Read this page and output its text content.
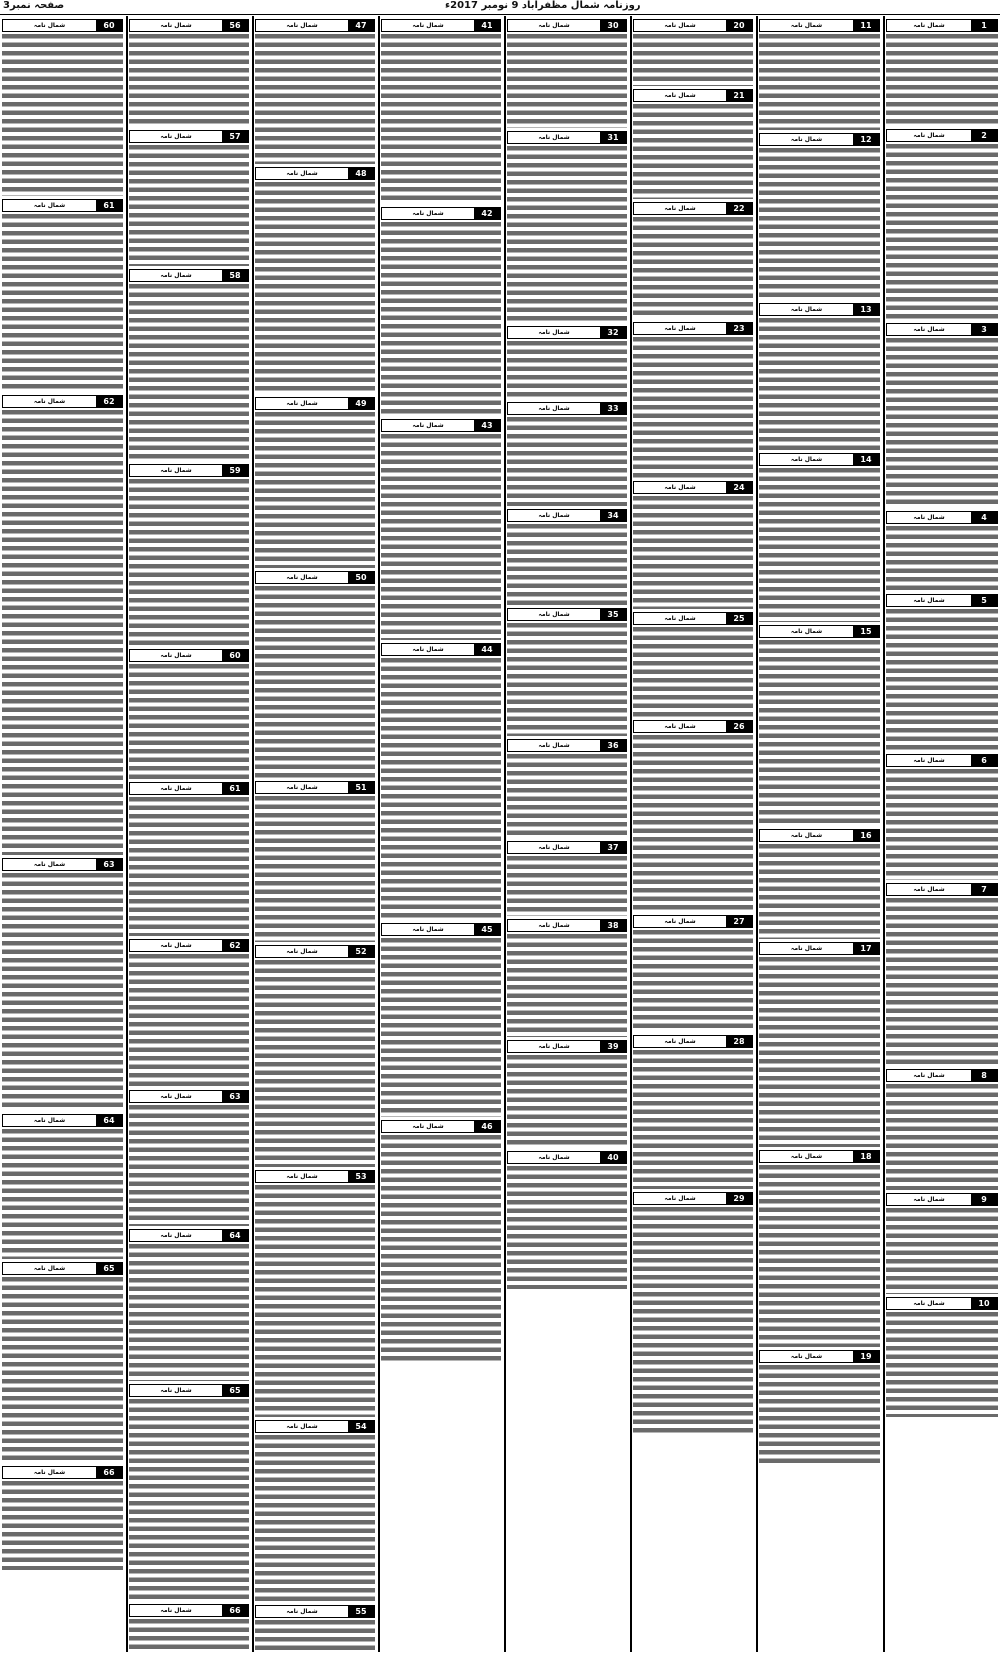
صفحہ نمبر3	روزنامہ شمال مظفرآباد 9 نومبر 2017ء
1
شمال نامہ
2
شمال نامہ
3
شمال نامہ
4
شمال نامہ
5
شمال نامہ
6
شمال نامہ
7
شمال نامہ
8
شمال نامہ
9
شمال نامہ
10
شمال نامہ
11
شمال نامہ
12
شمال نامہ
13
شمال نامہ
14
شمال نامہ
15
شمال نامہ
16
شمال نامہ
17
شمال نامہ
18
شمال نامہ
19
شمال نامہ
20
شمال نامہ
21
شمال نامہ
22
شمال نامہ
23
شمال نامہ
24
شمال نامہ
25
شمال نامہ
26
شمال نامہ
27
شمال نامہ
28
شمال نامہ
29
شمال نامہ
30
شمال نامہ
31
شمال نامہ
32
شمال نامہ
33
شمال نامہ
34
شمال نامہ
35
شمال نامہ
36
شمال نامہ
37
شمال نامہ
38
شمال نامہ
39
شمال نامہ
40
شمال نامہ
41
شمال نامہ
42
شمال نامہ
43
شمال نامہ
44
شمال نامہ
45
شمال نامہ
46
شمال نامہ
47
شمال نامہ
48
شمال نامہ
49
شمال نامہ
50
شمال نامہ
51
شمال نامہ
52
شمال نامہ
53
شمال نامہ
54
شمال نامہ
55
شمال نامہ
56
شمال نامہ
57
شمال نامہ
58
شمال نامہ
59
شمال نامہ
60
شمال نامہ
61
شمال نامہ
62
شمال نامہ
63
شمال نامہ
64
شمال نامہ
65
شمال نامہ
66
شمال نامہ
60
شمال نامہ
61
شمال نامہ
62
شمال نامہ
63
شمال نامہ
64
شمال نامہ
65
شمال نامہ
66
شمال نامہ
